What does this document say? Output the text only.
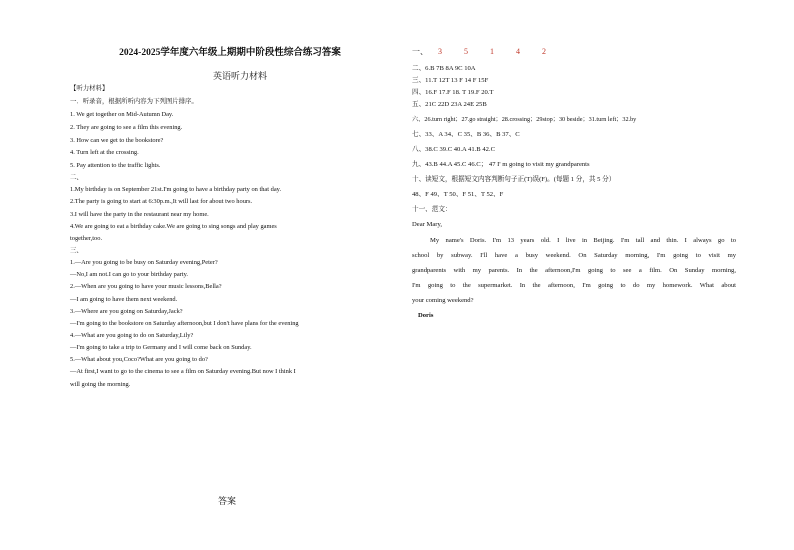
2024-2025学年度六年级上期期中阶段性综合练习答案
英语听力材料
【听力材料】
一．听录音，根据所听内容为下列图片排序。
1. We get together on Mid-Autumn Day.
2. They are going to see a film this evening.
3. How can we get to the bookstore?
4. Turn left at the crossing.
5. Pay attention to the traffic lights.
二、
1.My birthday is on September 21st.I'm going to have a birthday party on that day.
2.The party is going to start at 6:30p.m.,It will last for about two hours.
3.I will have the party in the restaurant near my home.
4.We are going to eat a birthday cake.We are going to sing songs and play games
together,too.
三、
1.—Are you going to be busy on Saturday evening,Peter?
—No,I am not.I can go to your birthday party.
2.—When are you going to have your music lessons,Bella?
—I am going to have them next weekend.
3.—Where are you going on Saturday,Jack?
—I'm going to the bookstore on Saturday afternoon,but I don't have plans for the evening
4.—What are you going to do on Saturday,Lily?
—I'm going to take a trip to Germany and I will come back on Sunday.
5.—What about you,Coco?What are you going to do?
—At first,I want to go to the cinema to see a film on Saturday evening.But now I think I
will going the morning.
答案
一、 3	5	1	4	2
二、6.B 7B 8A 9C 10A
三、11.T 12T 13 F 14 F 15F
四、16.F 17.F 18. T 19.F 20.T
五、21C 22D 23A 24E 25B
六、26.turn right；27.go straight；28.crossing；29stop；30 beside；31.turn left；32.by
七、33、A 34、C 35、B 36、B 37、C
八、38.C 39.C 40.A 41.B 42.C
九、43.B 44.A 45.C 46.C； 47 I' m going to visit my grandparents
十、读短文，根据短文内容判断句子正(T)误(F)。(每题 1 分，共 5 分）
48、F 49、T 50、F 51、T 52、F
十一、范文：
Dear Mary,
My name's Doris. I'm 13 years old. I live in Beijing. I'm tall and thin. I always go to
school by subway. I'll have a busy weekend. On Saturday morning, I'm going to visit my
grandparents with my parents. In the afternoon,I'm going to see a film. On Sunday morning,
I'm going to the supermarket. In the afternoon, I'm going to do my homework. What about
your coming weekend?
Doris
